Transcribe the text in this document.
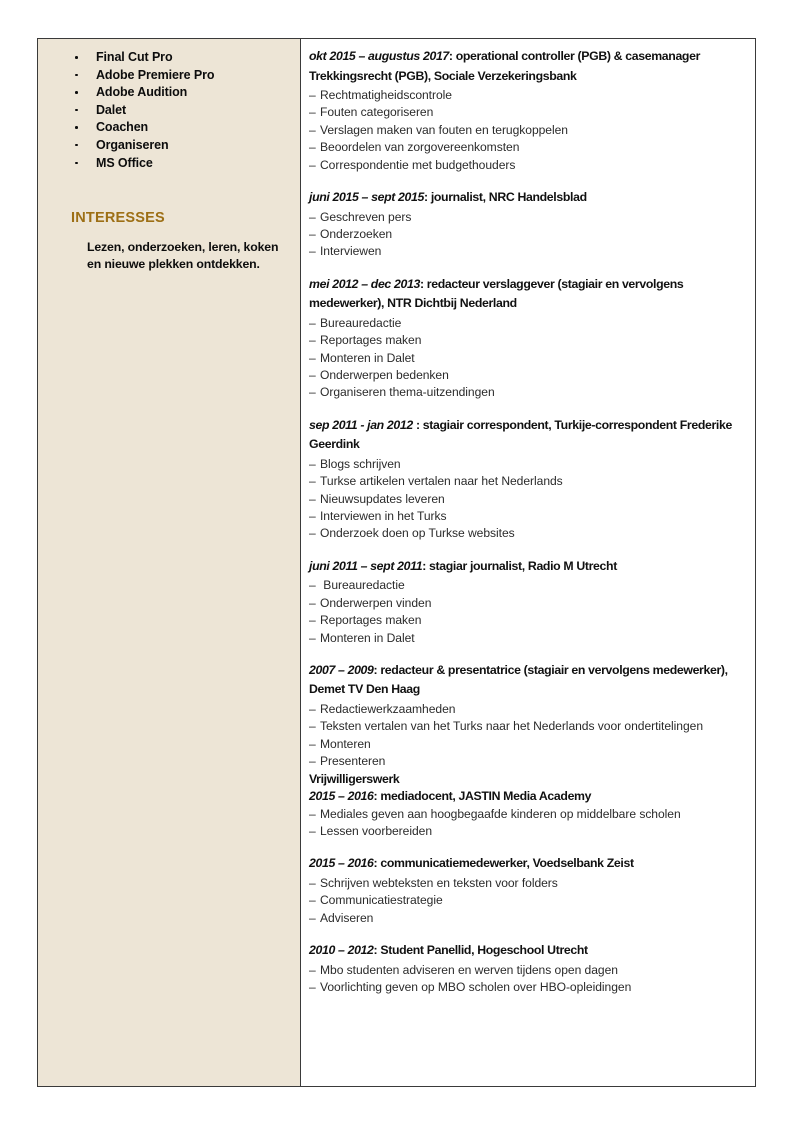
Final Cut Pro
Adobe Premiere Pro
Adobe Audition
Dalet
Coachen
Organiseren
MS Office
INTERESSES
Lezen, onderzoeken, leren, koken en nieuwe plekken ontdekken.
okt 2015 – augustus 2017: operational controller (PGB) & casemanager Trekkingsrecht (PGB), Sociale Verzekeringsbank
– Rechtmatigheidscontrole
– Fouten categoriseren
– Verslagen maken van fouten en terugkoppelen
– Beoordelen van zorgovereenkomsten
– Correspondentie met budgethouders
juni 2015 – sept 2015: journalist, NRC Handelsblad
– Geschreven pers
– Onderzoeken
– Interviewen
mei 2012 – dec 2013: redacteur verslaggever (stagiair en vervolgens medewerker), NTR Dichtbij Nederland
– Bureauredactie
– Reportages maken
– Monteren in Dalet
– Onderwerpen bedenken
– Organiseren thema-uitzendingen
sep 2011 - jan 2012 : stagiair correspondent, Turkije-correspondent Frederike Geerdink
– Blogs schrijven
– Turkse artikelen vertalen naar het Nederlands
– Nieuwsupdates leveren
– Interviewen in het Turks
– Onderzoek doen op Turkse websites
juni 2011 – sept 2011: stagiar journalist, Radio M Utrecht
– Bureauredactie
– Onderwerpen vinden
– Reportages maken
– Monteren in Dalet
2007 – 2009: redacteur & presentatrice (stagiair en vervolgens medewerker), Demet TV Den Haag
– Redactiewerkzaamheden
– Teksten vertalen van het Turks naar het Nederlands voor ondertitelingen
– Monteren
– Presenteren
Vrijwilligerswerk
2015 – 2016: mediadocent, JASTIN Media Academy
– Mediales geven aan hoogbegaafde kinderen op middelbare scholen
– Lessen voorbereiden
2015 – 2016: communicatiemedewerker, Voedselbank Zeist
– Schrijven webteksten en teksten voor folders
– Communicatiestrategie
– Adviseren
2010 – 2012: Student Panellid, Hogeschool Utrecht
– Mbo studenten adviseren en werven tijdens open dagen
– Voorlichting geven op MBO scholen over HBO-opleidingen
